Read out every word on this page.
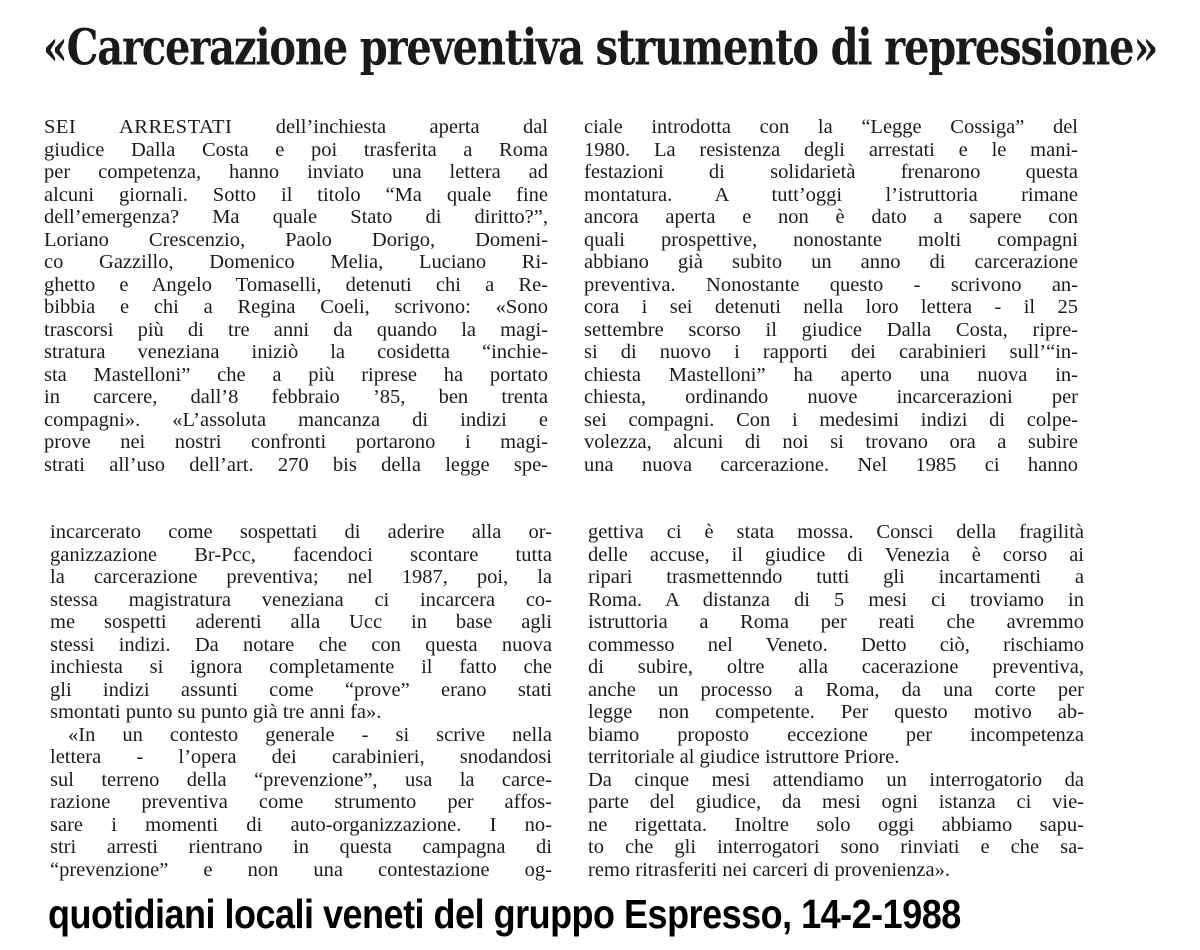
«Carcerazione preventiva strumento di repressione»
SEI ARRESTATI dell’inchiesta aperta dal
giudice Dalla Costa e poi trasferita a Roma
per competenza, hanno inviato una lettera ad
alcuni giornali. Sotto il titolo “Ma quale fine
dell’emergenza? Ma quale Stato di diritto?”,
Loriano Crescenzio, Paolo Dorigo, Domeni-
co Gazzillo, Domenico Melia, Luciano Ri-
ghetto e Angelo Tomaselli, detenuti chi a Re-
bibbia e chi a Regina Coeli, scrivono: «Sono
trascorsi più di tre anni da quando la magi-
stratura veneziana iniziò la cosidetta “inchie-
sta Mastelloni” che a più riprese ha portato
in carcere, dall’8 febbraio ’85, ben trenta
compagni». «L’assoluta mancanza di indizi e
prove nei nostri confronti portarono i magi-
strati all’uso dell’art. 270 bis della legge spe-
ciale introdotta con la “Legge Cossiga” del
1980. La resistenza degli arrestati e le mani-
festazioni di solidarietà frenarono questa
montatura. A tutt’oggi l’istruttoria rimane
ancora aperta e non è dato a sapere con
quali prospettive, nonostante molti compagni
abbiano già subito un anno di carcerazione
preventiva. Nonostante questo - scrivono an-
cora i sei detenuti nella loro lettera - il 25
settembre scorso il giudice Dalla Costa, ripre-
si di nuovo i rapporti dei carabinieri sull’“in-
chiesta Mastelloni” ha aperto una nuova in-
chiesta, ordinando nuove incarcerazioni per
sei compagni. Con i medesimi indizi di colpe-
volezza, alcuni di noi si trovano ora a subire
una nuova carcerazione. Nel 1985 ci hanno
incarcerato come sospettati di aderire alla or-
ganizzazione Br-Pcc, facendoci scontare tutta
la carcerazione preventiva; nel 1987, poi, la
stessa magistratura veneziana ci incarcera co-
me sospetti aderenti alla Ucc in base agli
stessi indizi. Da notare che con questa nuova
inchiesta si ignora completamente il fatto che
gli indizi assunti come “prove” erano stati
smontati punto su punto già tre anni fa».
«In un contesto generale - si scrive nella
lettera - l’opera dei carabinieri, snodandosi
sul terreno della “prevenzione”, usa la carce-
razione preventiva come strumento per affos-
sare i momenti di auto-organizzazione. I no-
stri arresti rientrano in questa campagna di
“prevenzione” e non una contestazione og-
gettiva ci è stata mossa. Consci della fragilità
delle accuse, il giudice di Venezia è corso ai
ripari trasmettenndo tutti gli incartamenti a
Roma. A distanza di 5 mesi ci troviamo in
istruttoria a Roma per reati che avremmo
commesso nel Veneto. Detto ciò, rischiamo
di subire, oltre alla cacerazione preventiva,
anche un processo a Roma, da una corte per
legge non competente. Per questo motivo ab-
biamo proposto eccezione per incompetenza
territoriale al giudice istruttore Priore.
Da cinque mesi attendiamo un interrogatorio da
parte del giudice, da mesi ogni istanza ci vie-
ne rigettata. Inoltre solo oggi abbiamo sapu-
to che gli interrogatori sono rinviati e che sa-
remo ritrasferiti nei carceri di provenienza».
quotidiani locali veneti del gruppo Espresso, 14-2-1988
